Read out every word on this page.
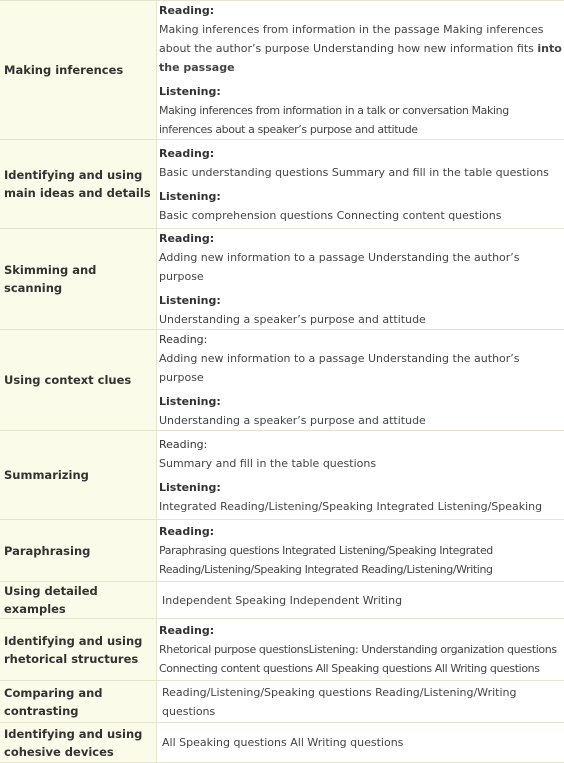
Making inferences	Reading:
Making inferences from information in the passage Making inferences about the author’s purpose Understanding how new information fits into the passage
Listening:
Making inferences from information in a talk or conversation Making inferences about a speaker’s purpose and attitude

Identifying and using main ideas and details	Reading:
Basic understanding questions Summary and fill in the table questions
Listening:
Basic comprehension questions Connecting content questions

Skimming and scanning	Reading:
Adding new information to a passage Understanding the author’s purpose
Listening:
Understanding a speaker’s purpose and attitude

Using context clues	Reading:
Adding new information to a passage Understanding the author’s purpose
Listening:
Understanding a speaker’s purpose and attitude

Summarizing	Reading:
Summary and fill in the table questions
Listening:
Integrated Reading/Listening/Speaking Integrated Listening/Speaking

Paraphrasing	Reading:
Paraphrasing questions Integrated Listening/Speaking Integrated Reading/Listening/Speaking Integrated Reading/Listening/Writing

Using detailed examples	Independent Speaking Independent Writing
Identifying and using rhetorical structures	Reading:
Rhetorical purpose questionsListening: Understanding organization questions Connecting content questions All Speaking questions All Writing questions

Comparing and contrasting	Reading/Listening/Speaking questions Reading/Listening/Writing questions
Identifying and using cohesive devices	All Speaking questions All Writing questions
